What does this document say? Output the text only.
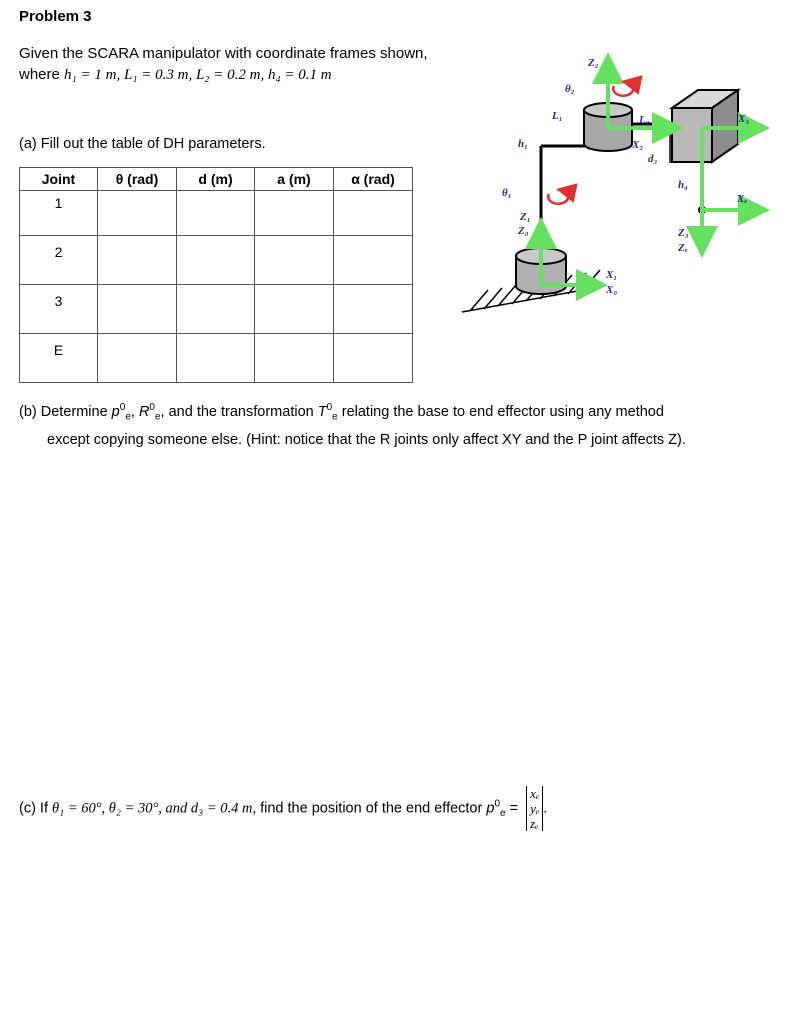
Problem 3
Given the SCARA manipulator with coordinate frames shown,
where h₁ = 1 m, L₁ = 0.3 m, L₂ = 0.2 m, h₄ = 0.1 m
(a) Fill out the table of DH parameters.
Joint	θ (rad)	d (m)	a (m)	α (rad)
1				
2				
3				
E				
Z₂
θ₂
L₁
h₁
L₂
X₂
d₃
X₃
h₄
Xₑ
θ₁
Z₁
Z₀	Z₃
Zₑ
X₁
X₀
(b) Determine $p^0_e$, $R^0_e$, and the transformation $T^0_e$ relating the base to end effector using any method
except copying someone else. (Hint: notice that the R joints only affect XY and the P joint affects Z).
(c) If θ₁ = 60°, θ₂ = 30°, and d₃ = 0.4 m, find the position of the end effector $p^0_e$ =
xₑ
yₑ
zₑ
.
